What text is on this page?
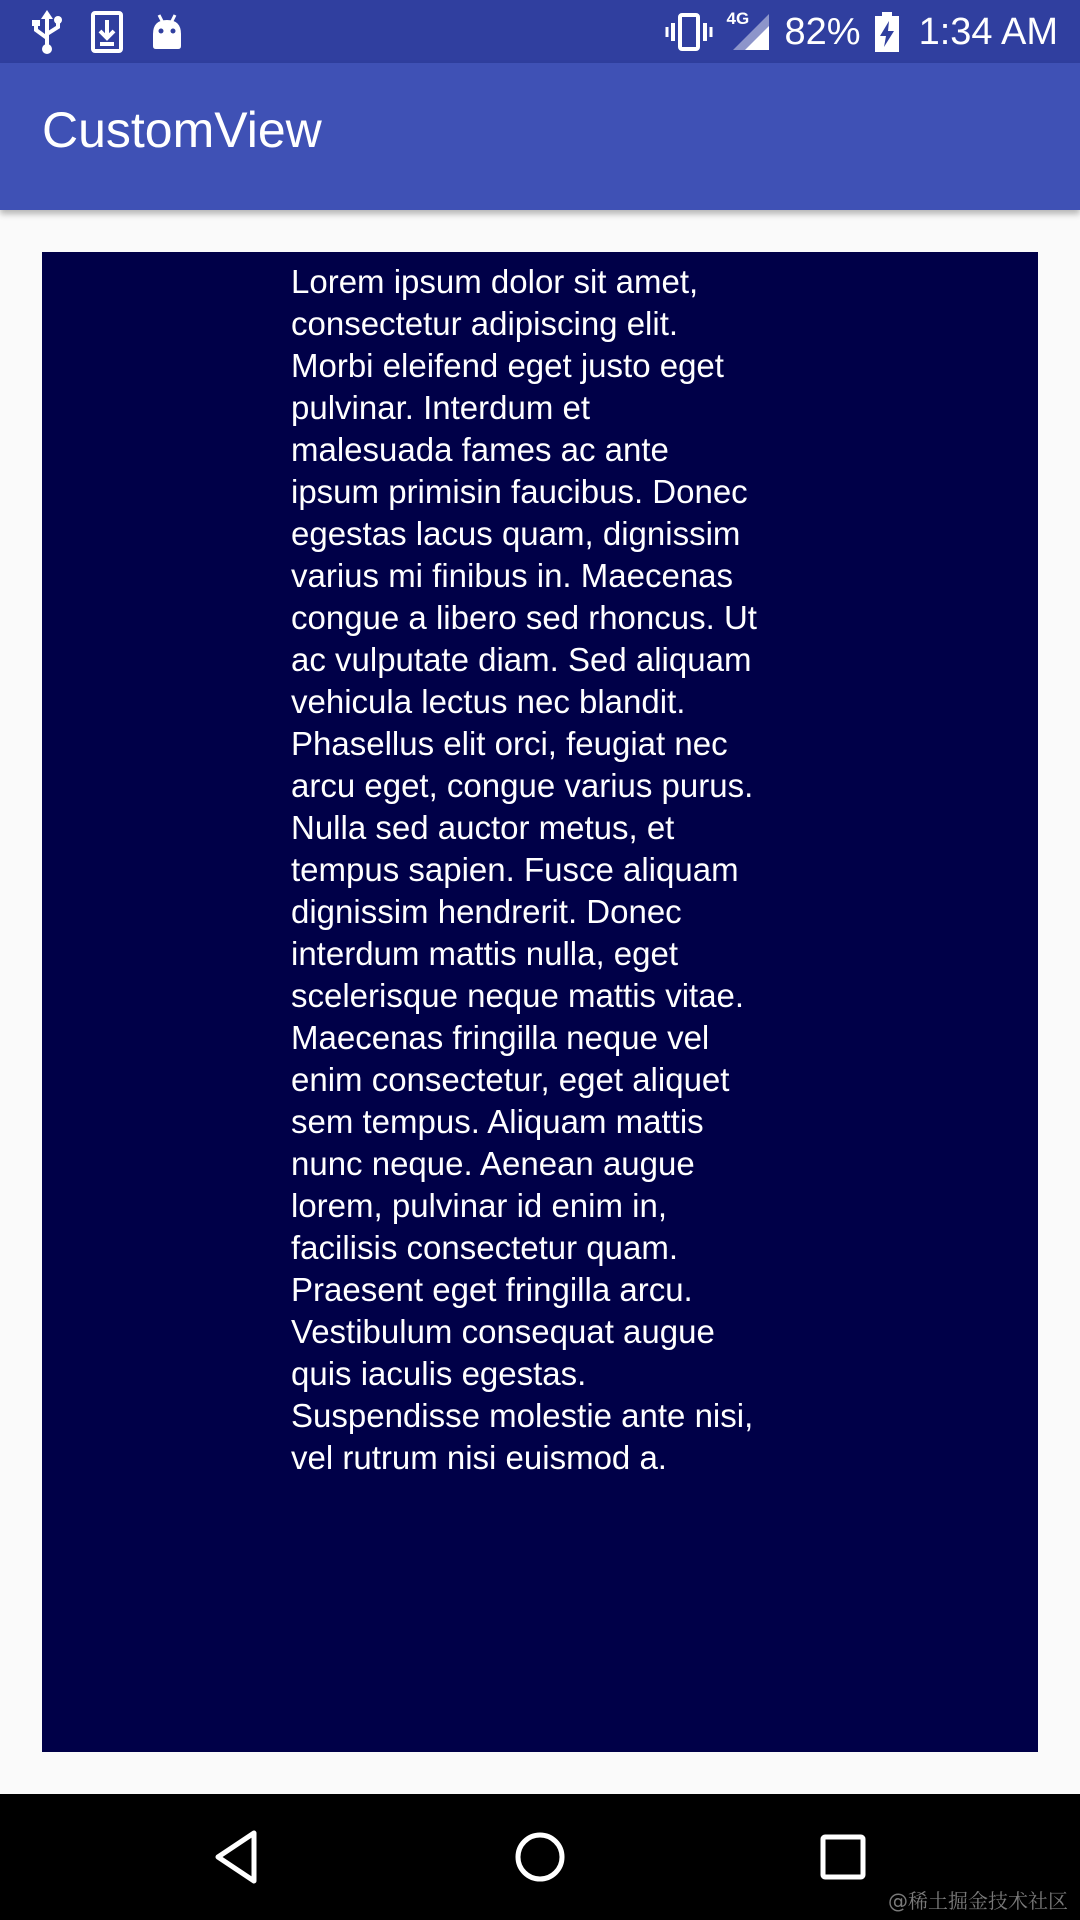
4G 82% 1:34 AM
CustomView

Lorem ipsum dolor sit amet,
consectetur adipiscing elit.
Morbi eleifend eget justo eget
pulvinar. Interdum et
malesuada fames ac ante
ipsum primisin faucibus. Donec
egestas lacus quam, dignissim
varius mi finibus in. Maecenas
congue a libero sed rhoncus. Ut
ac vulputate diam. Sed aliquam
vehicula lectus nec blandit.
Phasellus elit orci, feugiat nec
arcu eget, congue varius purus.
Nulla sed auctor metus, et
tempus sapien. Fusce aliquam
dignissim hendrerit. Donec
interdum mattis nulla, eget
scelerisque neque mattis vitae.
Maecenas fringilla neque vel
enim consectetur, eget aliquet
sem tempus. Aliquam mattis
nunc neque. Aenean augue
lorem, pulvinar id enim in,
facilisis consectetur quam.
Praesent eget fringilla arcu.
Vestibulum consequat augue
quis iaculis egestas.
Suspendisse molestie ante nisi,
vel rutrum nisi euismod a.

@稀土掘金技术社区
